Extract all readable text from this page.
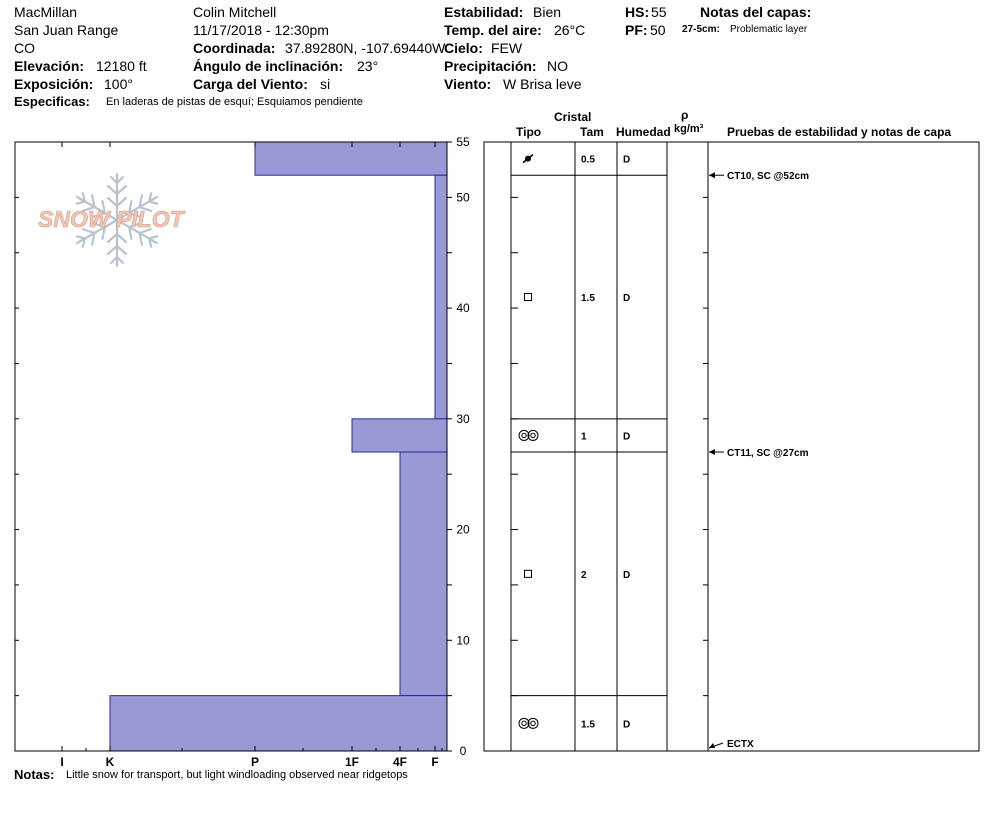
MacMillan
San Juan Range
CO
Elevación: 12180 ft
Exposición: 100°
Especificas: En laderas de pistas de esquí; Esquiamos pendiente
Colin Mitchell
11/17/2018 - 12:30pm
Coordinada: 37.89280N, -107.69440W
Ángulo de inclinación: 23°
Carga del Viento: si
Estabilidad: Bien
Temp. del aire: 26°C
Cielo: FEW
Precipitación: NO
Viento: W Brisa leve
HS: 55
PF: 50
Notas del capas:
27-5cm: Problematic layer
Cristal
Tipo	Tam Humedad
ρ
kg/m³ Pruebas de estabilidad y notas de capa
SNOW PILOT
0
10
20
30
40
50
55
I	K	P	1F	4F F
0.5	D
1.5	D
1	D
2	D
1.5	D
CT10, SC @52cm
CT11, SC @27cm
ECTX
Notas: Little snow for transport, but light windloading observed near ridgetops
